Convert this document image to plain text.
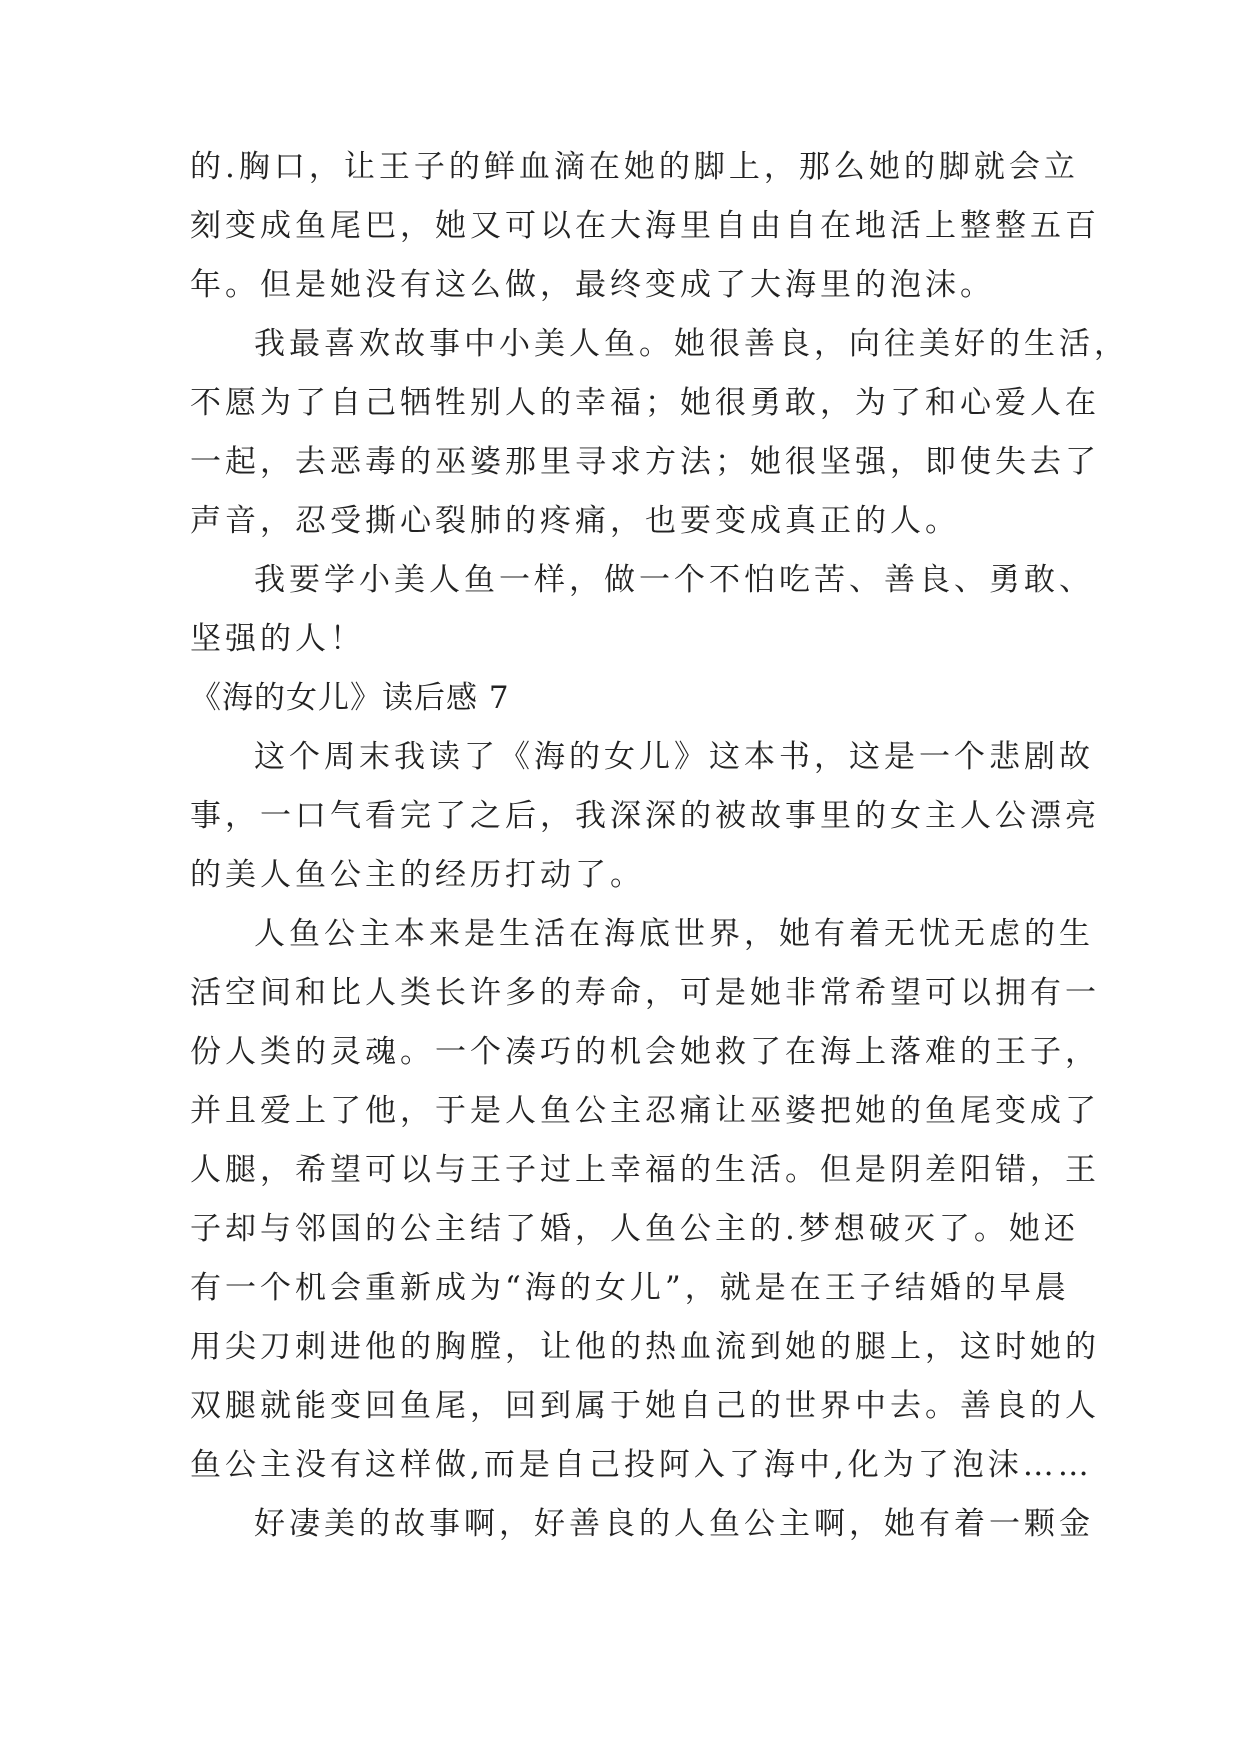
的.胸口，让王子的鲜血滴在她的脚上，那么她的脚就会立
刻变成鱼尾巴，她又可以在大海里自由自在地活上整整五百
年。但是她没有这么做，最终变成了大海里的泡沫。
我最喜欢故事中小美人鱼。她很善良，向往美好的生活，
不愿为了自己牺牲别人的幸福；她很勇敢，为了和心爱人在
一起，去恶毒的巫婆那里寻求方法；她很坚强，即使失去了
声音，忍受撕心裂肺的疼痛，也要变成真正的人。
我要学小美人鱼一样，做一个不怕吃苦、善良、勇敢、
坚强的人！
《海的女儿》读后感 7
这个周末我读了《海的女儿》这本书，这是一个悲剧故
事，一口气看完了之后，我深深的被故事里的女主人公漂亮
的美人鱼公主的经历打动了。
人鱼公主本来是生活在海底世界，她有着无忧无虑的生
活空间和比人类长许多的寿命，可是她非常希望可以拥有一
份人类的灵魂。一个凑巧的机会她救了在海上落难的王子，
并且爱上了他，于是人鱼公主忍痛让巫婆把她的鱼尾变成了
人腿，希望可以与王子过上幸福的生活。但是阴差阳错，王
子却与邻国的公主结了婚，人鱼公主的.梦想破灭了。她还
有一个机会重新成为“海的女儿”，就是在王子结婚的早晨
用尖刀刺进他的胸膛，让他的热血流到她的腿上，这时她的
双腿就能变回鱼尾，回到属于她自己的世界中去。善良的人
鱼公主没有这样做,而是自己投阿入了海中,化为了泡沫……
好凄美的故事啊，好善良的人鱼公主啊，她有着一颗金
